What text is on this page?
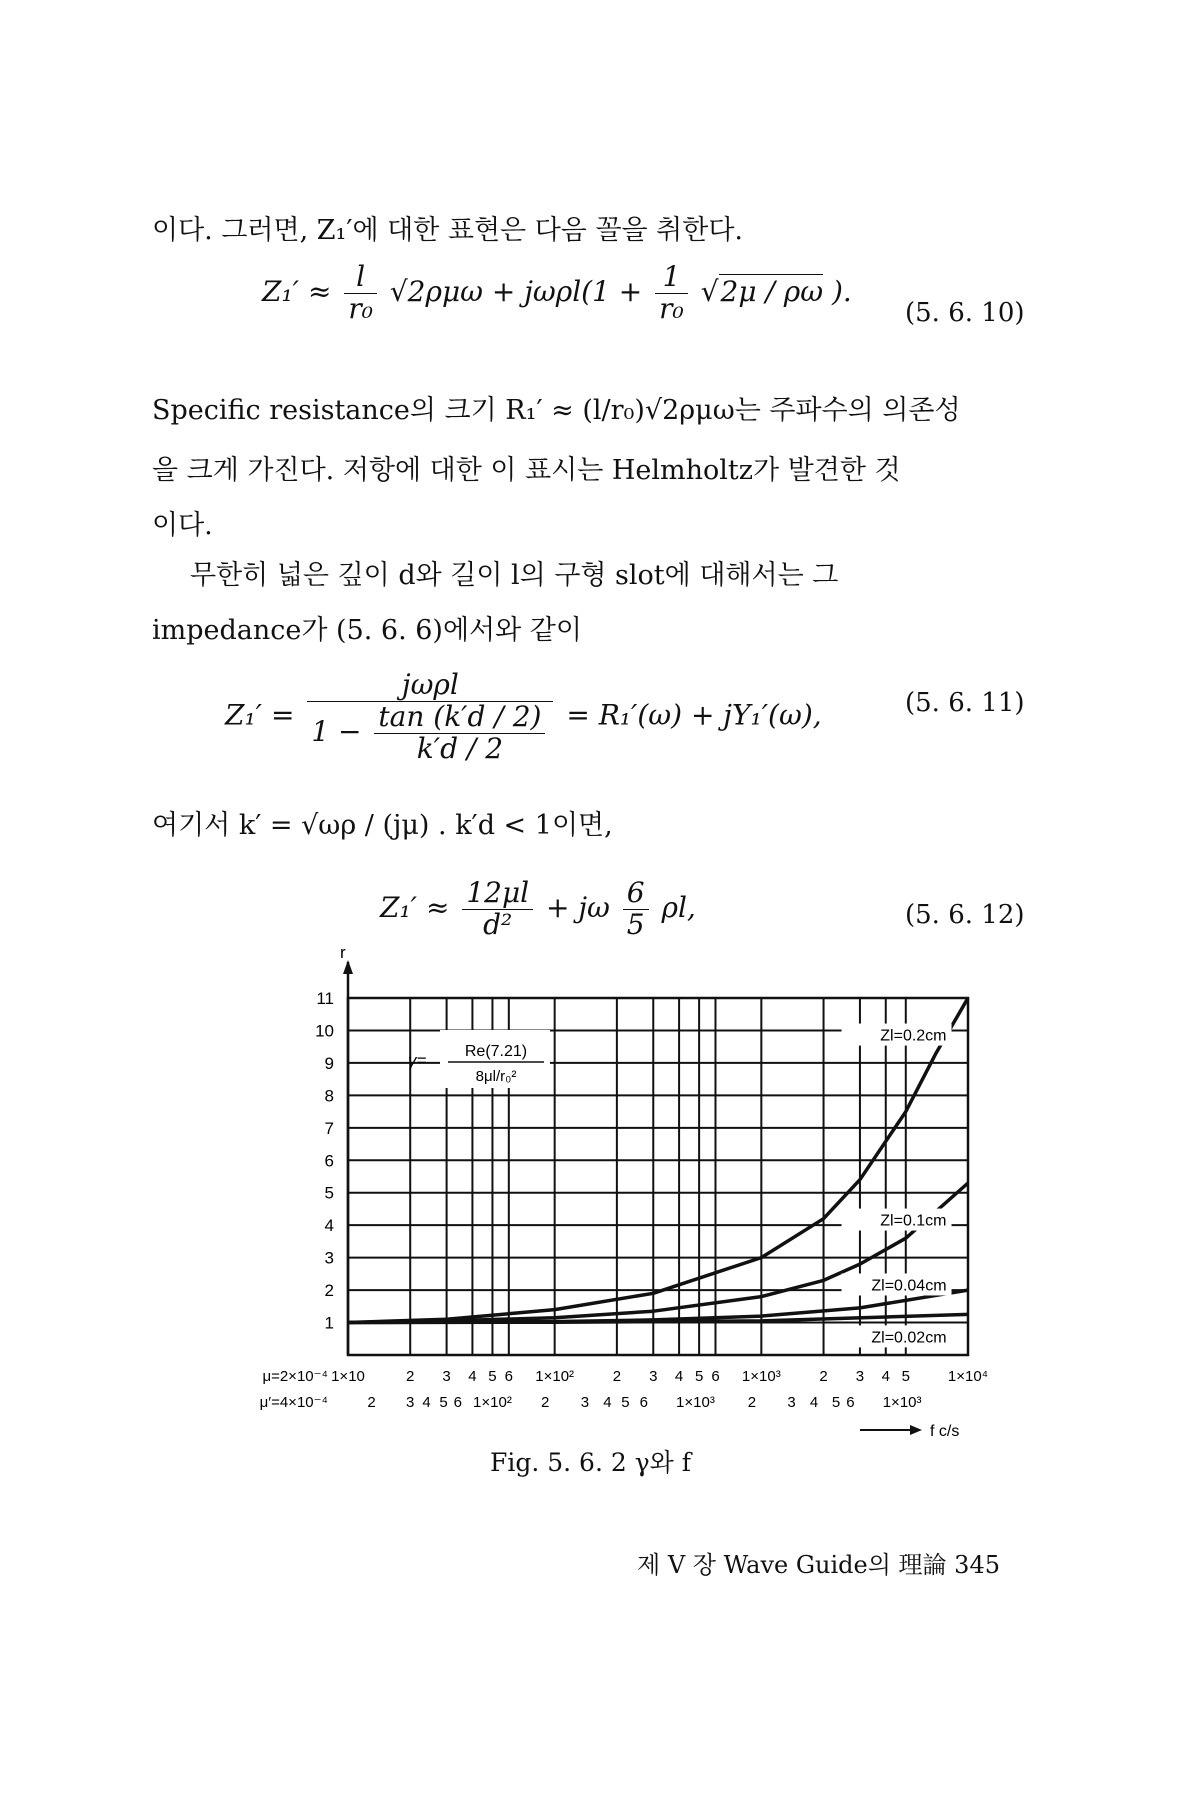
이다. 그러면, Z₁′에 대한 표현은 다음 꼴을 취한다.
$Z_1' \approx \frac{l}{\text{r₀}} √2\rho\mu\omega + j\omega\rho l(1 + \frac{1}{\text{r₀}} √2\mu / \rho\omega$ ).
(5. 6. 10)
Specific resistance의 크기 R₁′ ≈ (l/r₀)√2ρμω는 주파수의 의존성
을 크게 가진다. 저항에 대한 이 표시는 Helmholtz가 발견한 것
이다.
무한히 넓은 깊이 d와 길이 l의 구형 slot에 대해서는 그
impedance가 (5. 6. 6)에서와 같이
$Z_1' = \frac{\text{jωρl}}{1 - \frac{\tan (k'd / 2)}{k'd / 2}} = R_1'(\omega) + jY_1'(\omega)$,	(5. 6. 11)
여기서 k′ = √ωρ / (jμ) . k′d < 1이면,
$Z_1' \approx \frac{12\mu l}{\text{d²}} + j\omega \frac{6}{5} \rho l$,	(5. 6. 12)
1
2
3
4
5
6
7
8
9
10
11
r
γ= Re(7.21)
8μl/r₀²
Zl=0.2cm
Zl=0.1cm
Zl=0.04cm
Zl=0.02cm
μ=2×10⁻⁴ 1×10	2 3 4 5 6 1×10²	2 3 4 5 6 1×10³	2 3 4 5	1×10⁴
μ′=4×10⁻⁴	2 3 4 5 6 1×10² 2 3 4 5 6 1×10³ 2 3 4 5 6 1×10³
f c/s
Fig. 5. 6. 2 γ와 f
제 Ⅴ 장 Wave Guide의 理論 345
